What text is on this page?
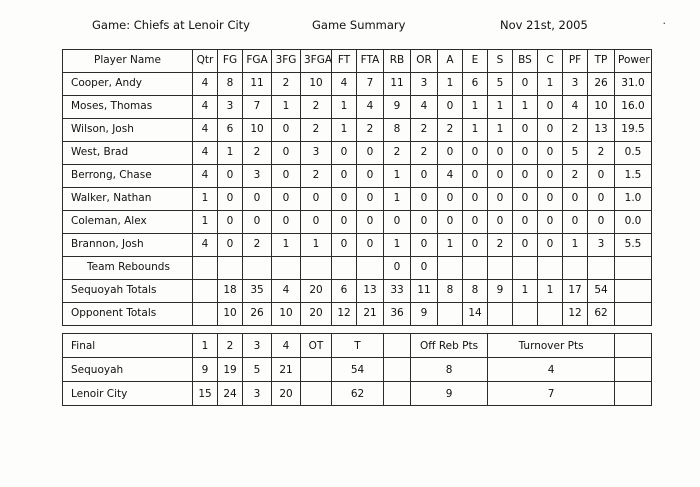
Game: Chiefs at Lenoir City	Game Summary	Nov 21st, 2005	.
Player Name	Qtr	FG	FGA	3FG	3FGA	FT	FTA	RB	OR	A	E	S	BS	C	PF	TP	Power
Cooper, Andy	4	8	11	2	10	4	7	11	3	1	6	5	0	1	3	26	31.0
Moses, Thomas	4	3	7	1	2	1	4	9	4	0	1	1	1	0	4	10	16.0
Wilson, Josh	4	6	10	0	2	1	2	8	2	2	1	1	0	0	2	13	19.5
West, Brad	4	1	2	0	3	0	0	2	2	0	0	0	0	0	5	2	0.5
Berrong, Chase	4	0	3	0	2	0	0	1	0	4	0	0	0	0	2	0	1.5
Walker, Nathan	1	0	0	0	0	0	0	1	0	0	0	0	0	0	0	0	1.0
Coleman, Alex	1	0	0	0	0	0	0	0	0	0	0	0	0	0	0	0	0.0
Brannon, Josh	4	0	2	1	1	0	0	1	0	1	0	2	0	0	1	3	5.5
Team Rebounds								0	0								
Sequoyah Totals		18	35	4	20	6	13	33	11	8	8	9	1	1	17	54	
Opponent Totals		10	26	10	20	12	21	36	9		14				12	62	
Final	1	2	3	4	OT	T		Off Reb Pts	Turnover Pts	
Sequoyah	9	19	5	21		54		8	4	
Lenoir City	15	24	3	20		62		9	7	
